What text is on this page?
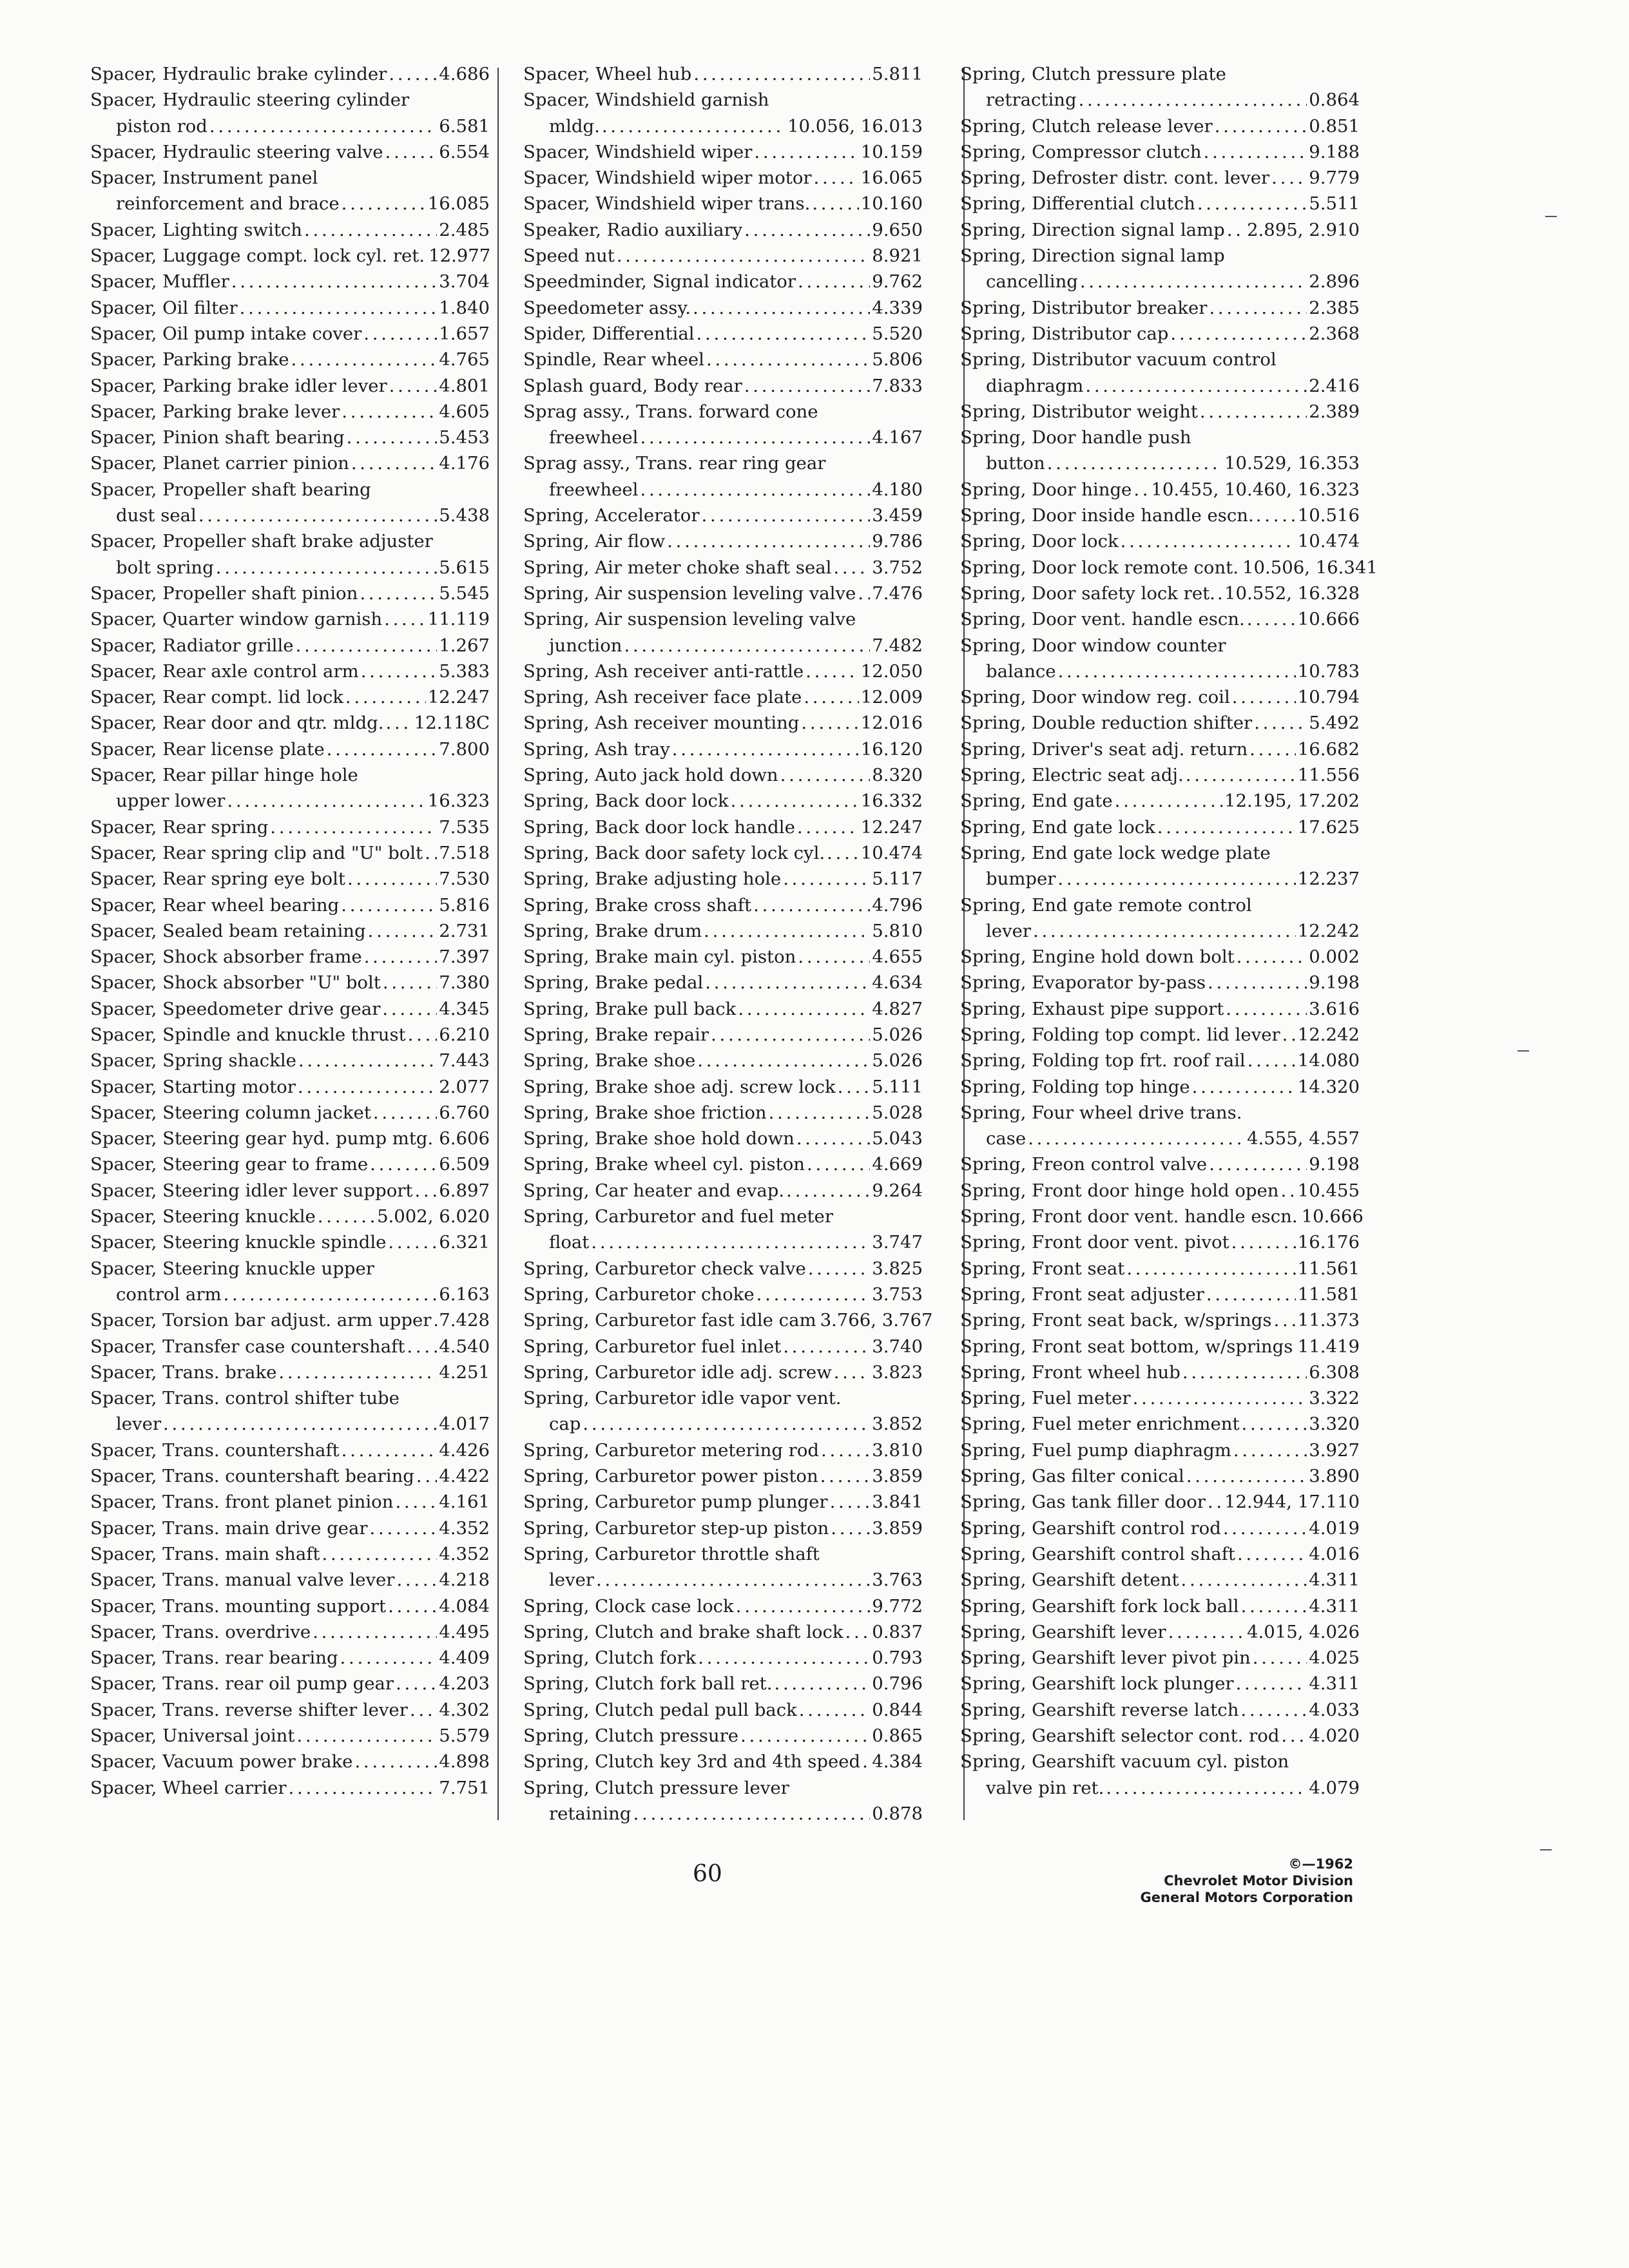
Spacer, Hydraulic brake cylinder . . .	4.686
Spacer, Hydraulic steering cylinder
piston rod . . .	6.581
Spacer, Hydraulic steering valve . . .	6.554
Spacer, Instrument panel
reinforcement and brace . . .	16.085
Spacer, Lighting switch . . .	2.485
Spacer, Luggage compt. lock cyl. ret. 12.977
Spacer, Muffler . . .	3.704
Spacer, Oil filter . . .	1.840
Spacer, Oil pump intake cover . . .	1.657
Spacer, Parking brake . . .	4.765
Spacer, Parking brake idler lever . . .	4.801
Spacer, Parking brake lever . . .	4.605
Spacer, Pinion shaft bearing . . .	5.453
Spacer, Planet carrier pinion . . .	4.176
Spacer, Propeller shaft bearing
dust seal . . .	5.438
Spacer, Propeller shaft brake adjuster
bolt spring . . .	5.615
Spacer, Propeller shaft pinion . . .	5.545
Spacer, Quarter window garnish . . .	11.119
Spacer, Radiator grille . . .	1.267
Spacer, Rear axle control arm . . .	5.383
Spacer, Rear compt. lid lock . . .	12.247
Spacer, Rear door and qtr. mldg. . . . 12.118C
Spacer, Rear license plate . . .	7.800
Spacer, Rear pillar hinge hole
upper lower . . .	16.323
Spacer, Rear spring . . .	7.535
Spacer, Rear spring clip and "U" bolt . . . 7.518
Spacer, Rear spring eye bolt . . .	7.530
Spacer, Rear wheel bearing . . .	5.816
Spacer, Sealed beam retaining . . .	2.731
Spacer, Shock absorber frame . . .	7.397
Spacer, Shock absorber "U" bolt . . .	7.380
Spacer, Speedometer drive gear . . .	4.345
Spacer, Spindle and knuckle thrust . . . 6.210
Spacer, Spring shackle . . .	7.443
Spacer, Starting motor . . .	2.077
Spacer, Steering column jacket . . .	6.760
Spacer, Steering gear hyd. pump mtg. . . . 6.606
Spacer, Steering gear to frame . . .	6.509
Spacer, Steering idler lever support . . . 6.897
Spacer, Steering knuckle . . .	5.002, 6.020
Spacer, Steering knuckle spindle . . .	6.321
Spacer, Steering knuckle upper
control arm . . .	6.163
Spacer, Torsion bar adjust. arm upper . . . 7.428
Spacer, Transfer case countershaft . . . 4.540
Spacer, Trans. brake . . .	4.251
Spacer, Trans. control shifter tube
lever . . .	4.017
Spacer, Trans. countershaft . . .	4.426
Spacer, Trans. countershaft bearing . . . 4.422
Spacer, Trans. front planet pinion . . .	4.161
Spacer, Trans. main drive gear . . .	4.352
Spacer, Trans. main shaft . . .	4.352
Spacer, Trans. manual valve lever . . .	4.218
Spacer, Trans. mounting support . . .	4.084
Spacer, Trans. overdrive . . .	4.495
Spacer, Trans. rear bearing . . .	4.409
Spacer, Trans. rear oil pump gear . . .	4.203
Spacer, Trans. reverse shifter lever . . . 4.302
Spacer, Universal joint . . .	5.579
Spacer, Vacuum power brake . . .	4.898
Spacer, Wheel carrier . . .	7.751
Spacer, Wheel hub . . .	5.811
Spacer, Windshield garnish
mldg. . . .	10.056, 16.013
Spacer, Windshield wiper . . .	10.159
Spacer, Windshield wiper motor . . .	16.065
Spacer, Windshield wiper trans. . . .	10.160
Speaker, Radio auxiliary . . .	9.650
Speed nut . . .	8.921
Speedminder, Signal indicator . . .	9.762
Speedometer assy. . . .	4.339
Spider, Differential . . .	5.520
Spindle, Rear wheel . . .	5.806
Splash guard, Body rear . . .	7.833
Sprag assy., Trans. forward cone
freewheel . . .	4.167
Sprag assy., Trans. rear ring gear
freewheel . . .	4.180
Spring, Accelerator . . .	3.459
Spring, Air flow . . .	9.786
Spring, Air meter choke shaft seal . . . 3.752
Spring, Air suspension leveling valve . . . 7.476
Spring, Air suspension leveling valve
junction . . .	7.482
Spring, Ash receiver anti-rattle . . .	12.050
Spring, Ash receiver face plate . . .	12.009
Spring, Ash receiver mounting . . .	12.016
Spring, Ash tray . . .	16.120
Spring, Auto jack hold down . . .	8.320
Spring, Back door lock . . .	16.332
Spring, Back door lock handle . . .	12.247
Spring, Back door safety lock cyl. . . . 10.474
Spring, Brake adjusting hole . . .	5.117
Spring, Brake cross shaft . . .	4.796
Spring, Brake drum . . .	5.810
Spring, Brake main cyl. piston . . .	4.655
Spring, Brake pedal . . .	4.634
Spring, Brake pull back . . .	4.827
Spring, Brake repair . . .	5.026
Spring, Brake shoe . . .	5.026
Spring, Brake shoe adj. screw lock . . . 5.111
Spring, Brake shoe friction . . .	5.028
Spring, Brake shoe hold down . . .	5.043
Spring, Brake wheel cyl. piston . . .	4.669
Spring, Car heater and evap. . . .	9.264
Spring, Carburetor and fuel meter
float . . .	3.747
Spring, Carburetor check valve . . .	3.825
Spring, Carburetor choke . . .	3.753
Spring, Carburetor fast idle cam 3.766, 3.767
Spring, Carburetor fuel inlet . . .	3.740
Spring, Carburetor idle adj. screw . . . 3.823
Spring, Carburetor idle vapor vent.
cap . . .	3.852
Spring, Carburetor metering rod . . .	3.810
Spring, Carburetor power piston . . .	3.859
Spring, Carburetor pump plunger . . . 3.841
Spring, Carburetor step-up piston . . . 3.859
Spring, Carburetor throttle shaft
lever . . .	3.763
Spring, Clock case lock . . .	9.772
Spring, Clutch and brake shaft lock . . . 0.837
Spring, Clutch fork . . .	0.793
Spring, Clutch fork ball ret. . . .	0.796
Spring, Clutch pedal pull back . . .	0.844
Spring, Clutch pressure . . .	0.865
Spring, Clutch key 3rd and 4th speed . . . 4.384
Spring, Clutch pressure lever
retaining . . .	0.878
Spring, Clutch pressure plate
retracting . . .	0.864
Spring, Clutch release lever . . .	0.851
Spring, Compressor clutch . . .	9.188
Spring, Defroster distr. cont. lever . . . 9.779
Spring, Differential clutch . . .	5.511
Spring, Direction signal lamp . . . 2.895, 2.910
Spring, Direction signal lamp
cancelling . . .	2.896
Spring, Distributor breaker . . .	2.385
Spring, Distributor cap . . .	2.368
Spring, Distributor vacuum control
diaphragm . . .	2.416
Spring, Distributor weight . . .	2.389
Spring, Door handle push
button . . .	10.529, 16.353
Spring, Door hinge . . . 10.455, 10.460, 16.323
Spring, Door inside handle escn. . . . 10.516
Spring, Door lock . . .	10.474
Spring, Door lock remote cont. 10.506, 16.341
Spring, Door safety lock ret. . . . 10.552, 16.328
Spring, Door vent. handle escn. . . .	10.666
Spring, Door window counter
balance . . .	10.783
Spring, Door window reg. coil . . .	10.794
Spring, Double reduction shifter . . .	5.492
Spring, Driver's seat adj. return . . .	16.682
Spring, Electric seat adj. . . .	11.556
Spring, End gate . . .	12.195, 17.202
Spring, End gate lock . . .	17.625
Spring, End gate lock wedge plate
bumper . . .	12.237
Spring, End gate remote control
lever . . .	12.242
Spring, Engine hold down bolt . . .	0.002
Spring, Evaporator by-pass . . .	9.198
Spring, Exhaust pipe support . . .	3.616
Spring, Folding top compt. lid lever . . . 12.242
Spring, Folding top frt. roof rail . . .	14.080
Spring, Folding top hinge . . .	14.320
Spring, Four wheel drive trans.
case . . .	4.555, 4.557
Spring, Freon control valve . . .	9.198
Spring, Front door hinge hold open . . . 10.455
Spring, Front door vent. handle escn. 10.666
Spring, Front door vent. pivot . . .	16.176
Spring, Front seat . . .	11.561
Spring, Front seat adjuster . . .	11.581
Spring, Front seat back, w/springs . . . 11.373
Spring, Front seat bottom, w/springs . . . 11.419
Spring, Front wheel hub . . .	6.308
Spring, Fuel meter . . .	3.322
Spring, Fuel meter enrichment . . .	3.320
Spring, Fuel pump diaphragm . . .	3.927
Spring, Gas filter conical . . .	3.890
Spring, Gas tank filler door . . . 12.944, 17.110
Spring, Gearshift control rod . . .	4.019
Spring, Gearshift control shaft . . .	4.016
Spring, Gearshift detent . . .	4.311
Spring, Gearshift fork lock ball . . .	4.311
Spring, Gearshift lever . . .	4.015, 4.026
Spring, Gearshift lever pivot pin . . .	4.025
Spring, Gearshift lock plunger . . .	4.311
Spring, Gearshift reverse latch . . .	4.033
Spring, Gearshift selector cont. rod . . . 4.020
Spring, Gearshift vacuum cyl. piston
valve pin ret. . . .	4.079
60	©—1962
Chevrolet Motor Division
General Motors Corporation
